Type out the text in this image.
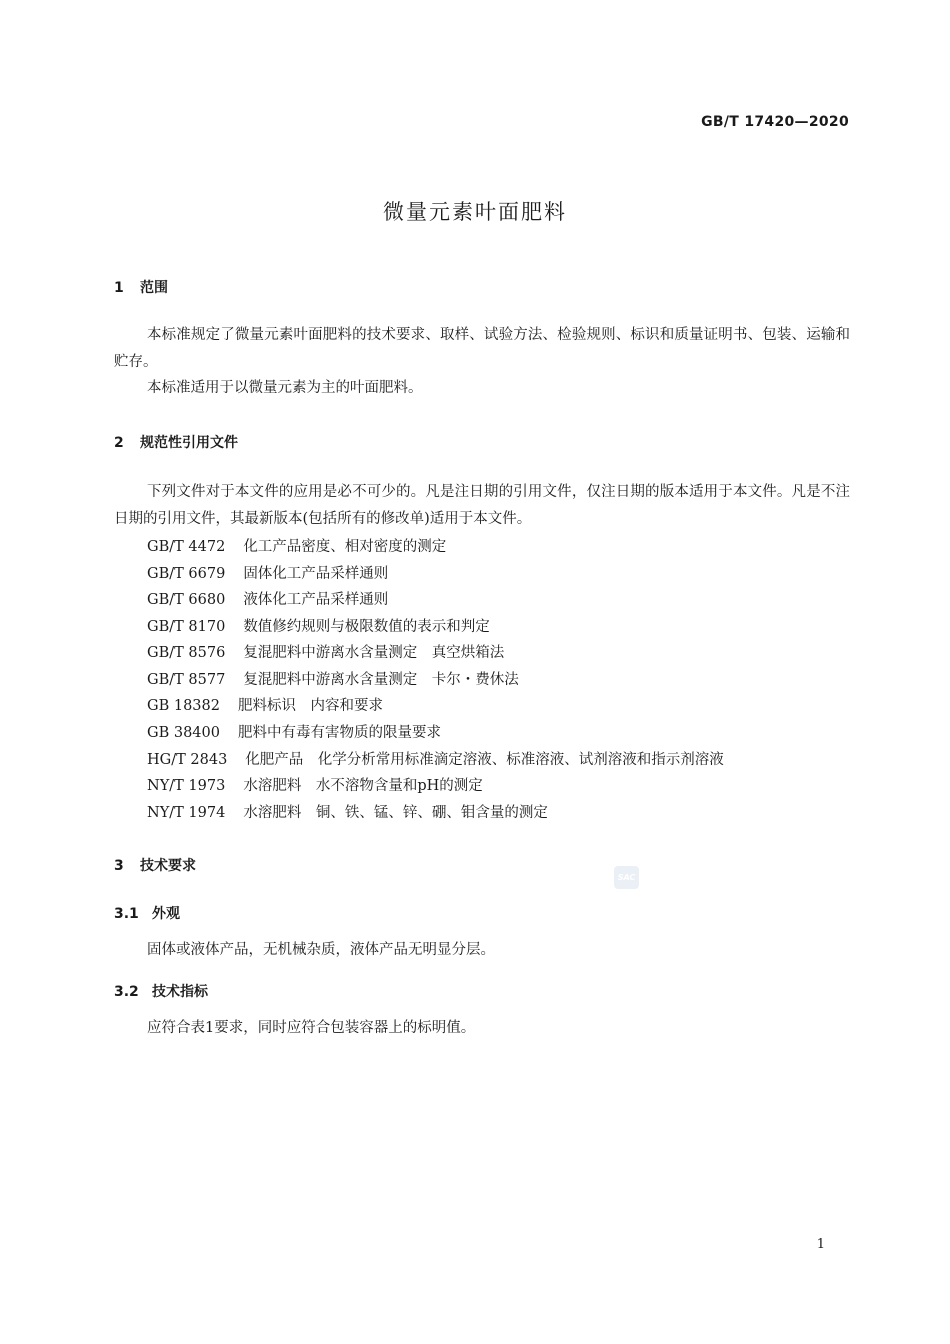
GB/T 17420—2020
微量元素叶面肥料
1 范围
本标准规定了微量元素叶面肥料的技术要求、取样、试验方法、检验规则、标识和质量证明书、包装、运输和贮存。
本标准适用于以微量元素为主的叶面肥料。
2 规范性引用文件
下列文件对于本文件的应用是必不可少的。凡是注日期的引用文件，仅注日期的版本适用于本文件。凡是不注日期的引用文件，其最新版本(包括所有的修改单)适用于本文件。
GB/T 4472 化工产品密度、相对密度的测定
GB/T 6679 固体化工产品采样通则
GB/T 6680 液体化工产品采样通则
GB/T 8170 数值修约规则与极限数值的表示和判定
GB/T 8576 复混肥料中游离水含量测定　真空烘箱法
GB/T 8577 复混肥料中游离水含量测定　卡尔・费休法
GB 18382 肥料标识　内容和要求
GB 38400 肥料中有毒有害物质的限量要求
HG/T 2843 化肥产品　化学分析常用标准滴定溶液、标准溶液、试剂溶液和指示剂溶液
NY/T 1973 水溶肥料　水不溶物含量和pH的测定
NY/T 1974 水溶肥料　铜、铁、锰、锌、硼、钼含量的测定
3 技术要求
SAC
3.1 外观
固体或液体产品，无机械杂质，液体产品无明显分层。
3.2 技术指标
应符合表1要求，同时应符合包装容器上的标明值。
1
